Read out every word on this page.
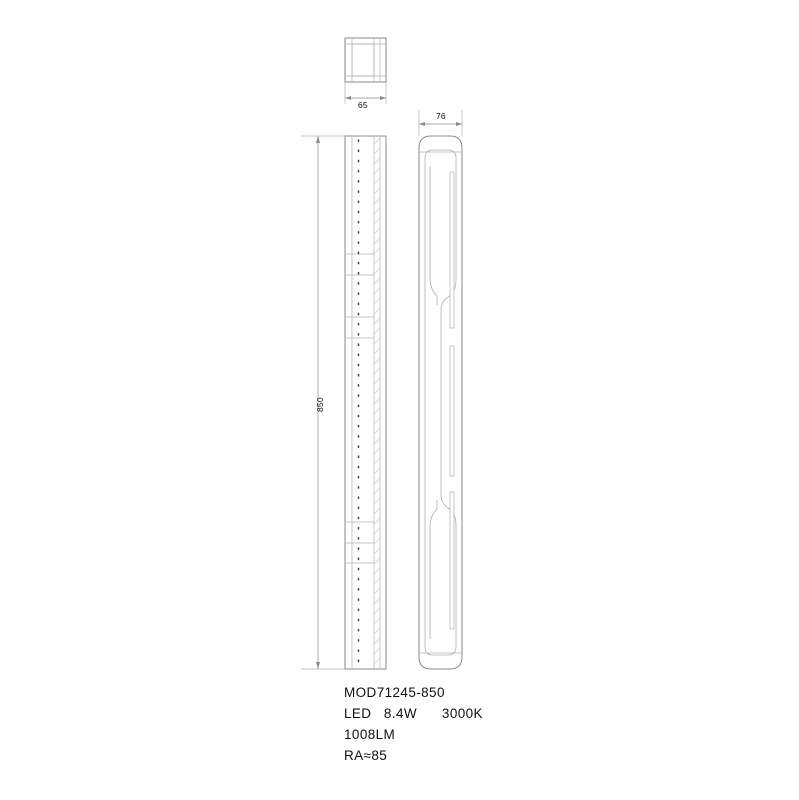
65
76
850
MOD71245-850
LED   8.4W      3000K
1008LM
RA≈85
